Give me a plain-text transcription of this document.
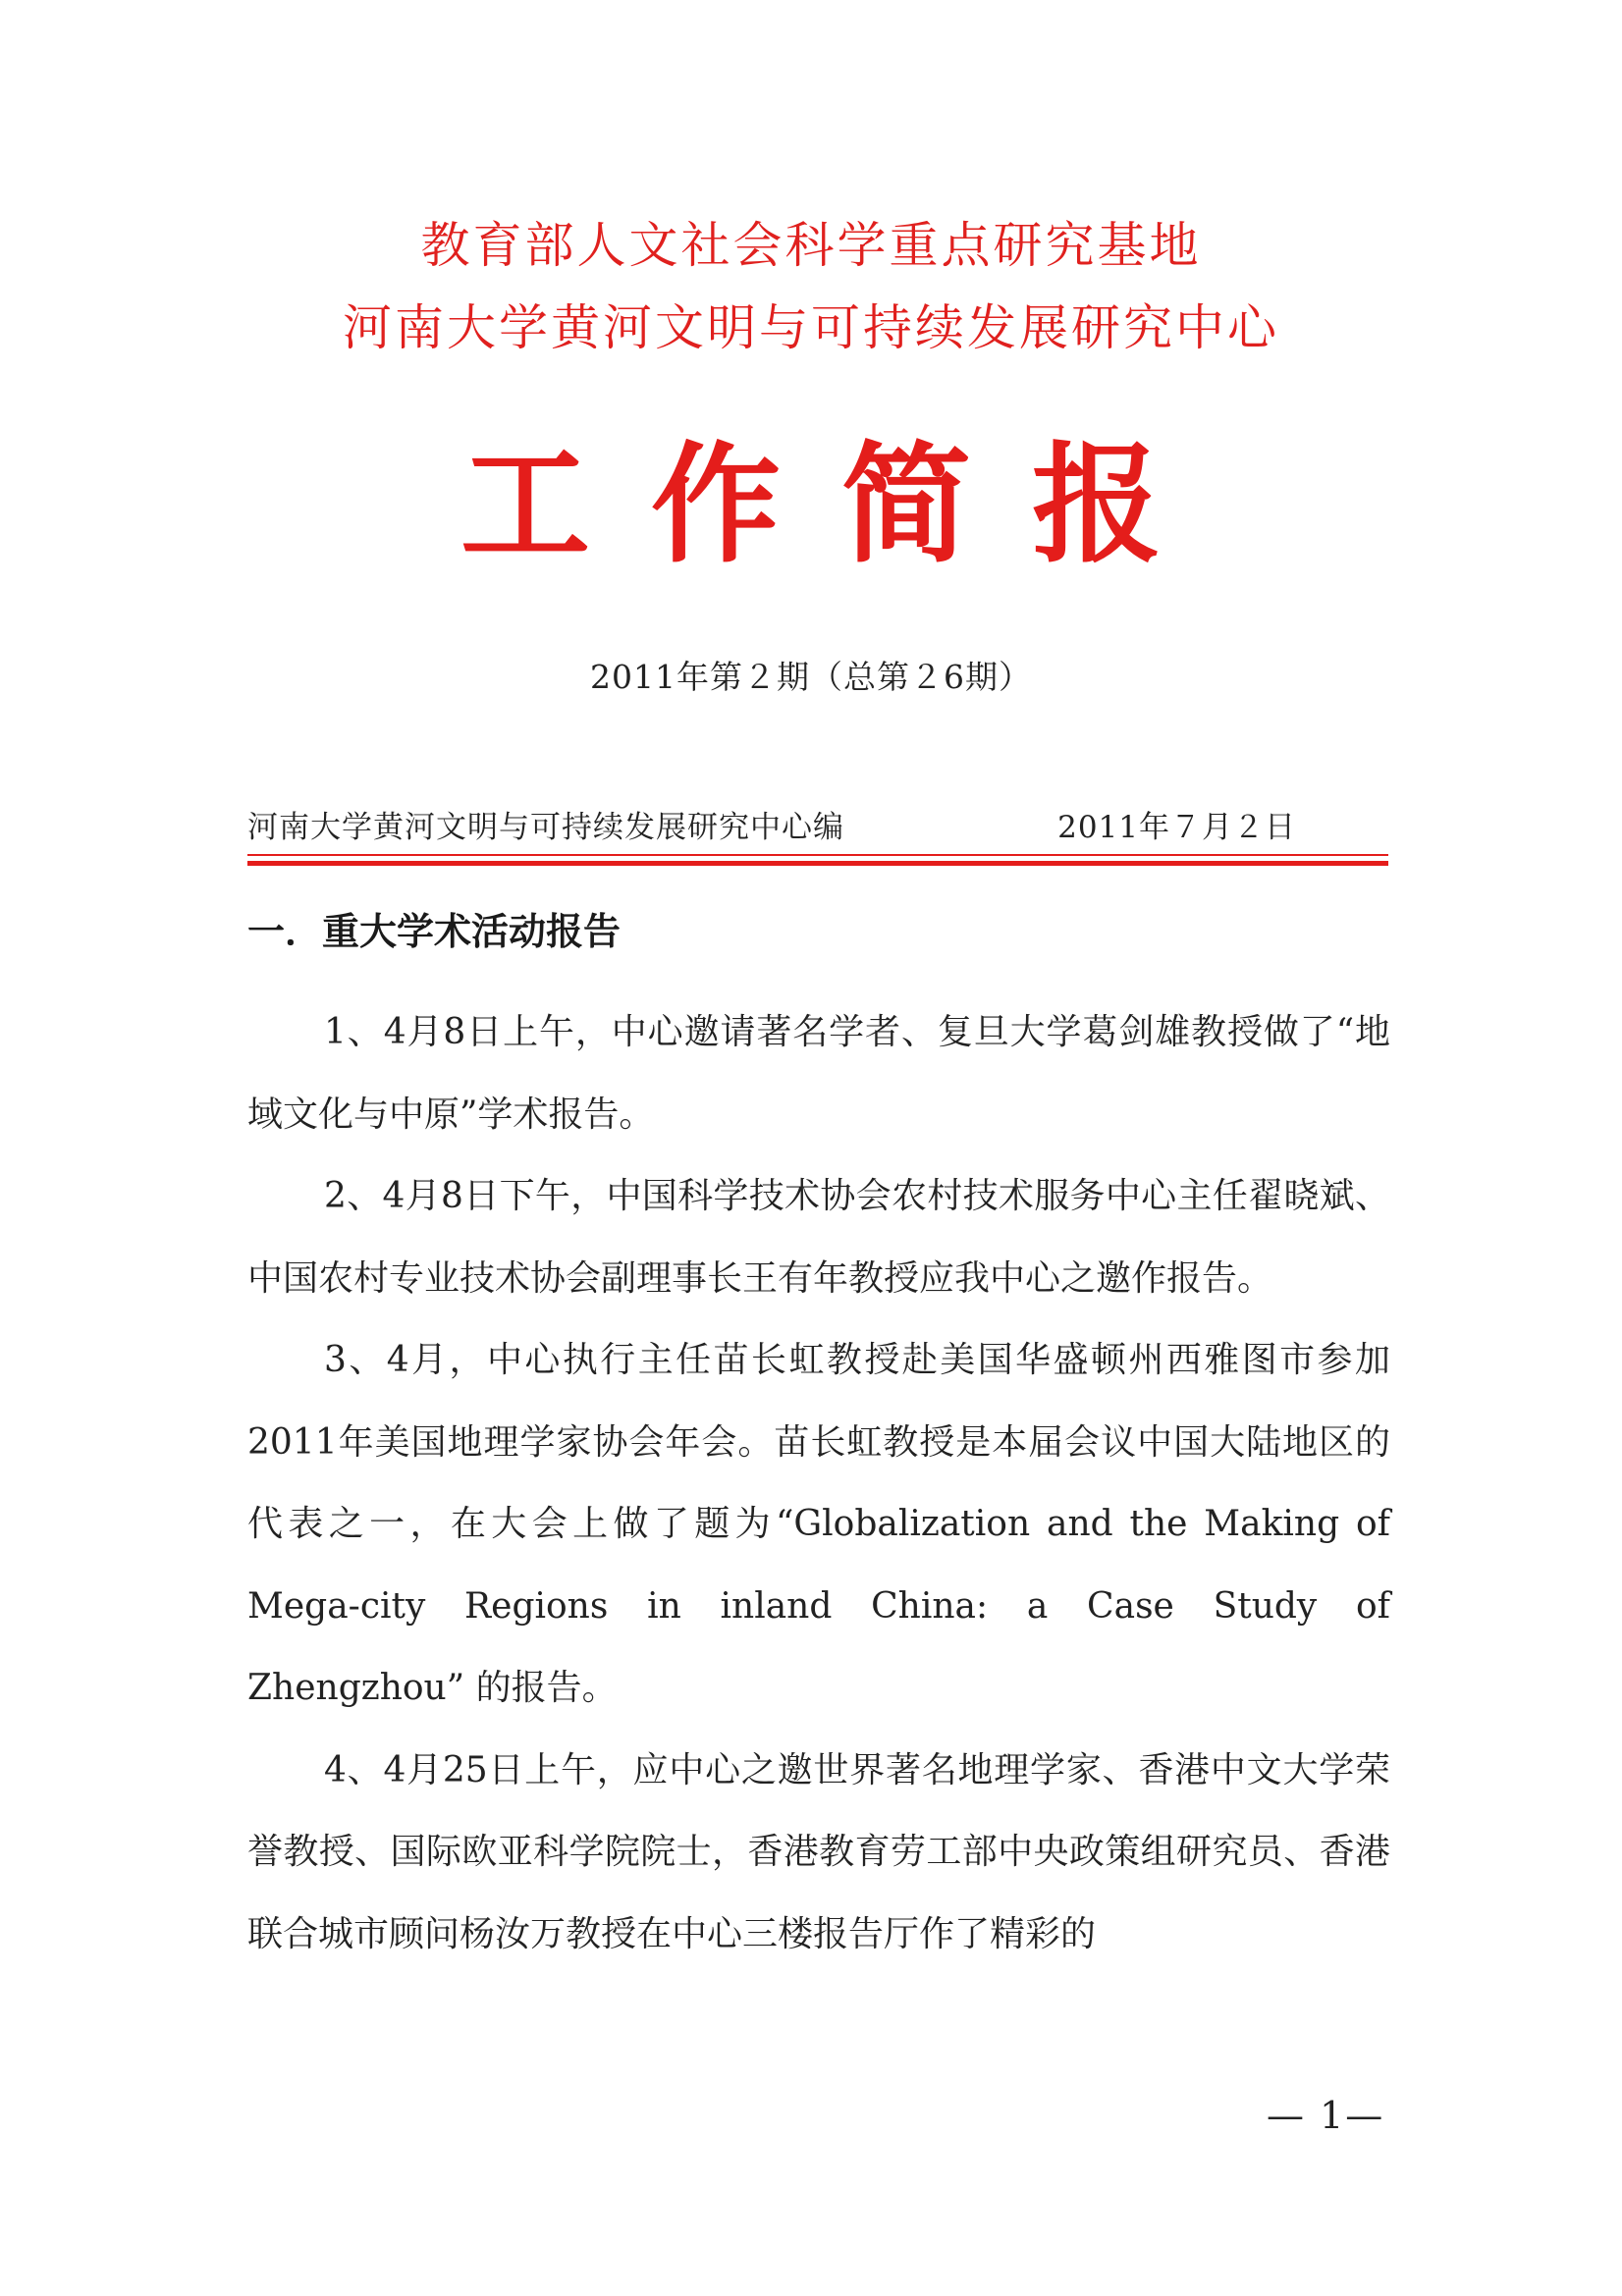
教育部人文社会科学重点研究基地
河南大学黄河文明与可持续发展研究中心
工作简报
2011年第２期（总第２6期）
河南大学黄河文明与可持续发展研究中心编	2011年７月２日
一．重大学术活动报告

1、4月8日上午，中心邀请著名学者、复旦大学葛剑雄教授做了“地域文化与中原”学术报告。

2、4月8日下午，中国科学技术协会农村技术服务中心主任翟晓斌、中国农村专业技术协会副理事长王有年教授应我中心之邀作报告。

3、4月，中心执行主任苗长虹教授赴美国华盛顿州西雅图市参加2011年美国地理学家协会年会。苗长虹教授是本届会议中国大陆地区的代表之一，在大会上做了题为“Globalization and the Making of Mega-city Regions in inland China: a Case Study of Zhengzhou” 的报告。

4、4月25日上午，应中心之邀世界著名地理学家、香港中文大学荣誉教授、国际欧亚科学院院士，香港教育劳工部中央政策组研究员、香港联合城市顾问杨汝万教授在中心三楼报告厅作了精彩的

— 1—
